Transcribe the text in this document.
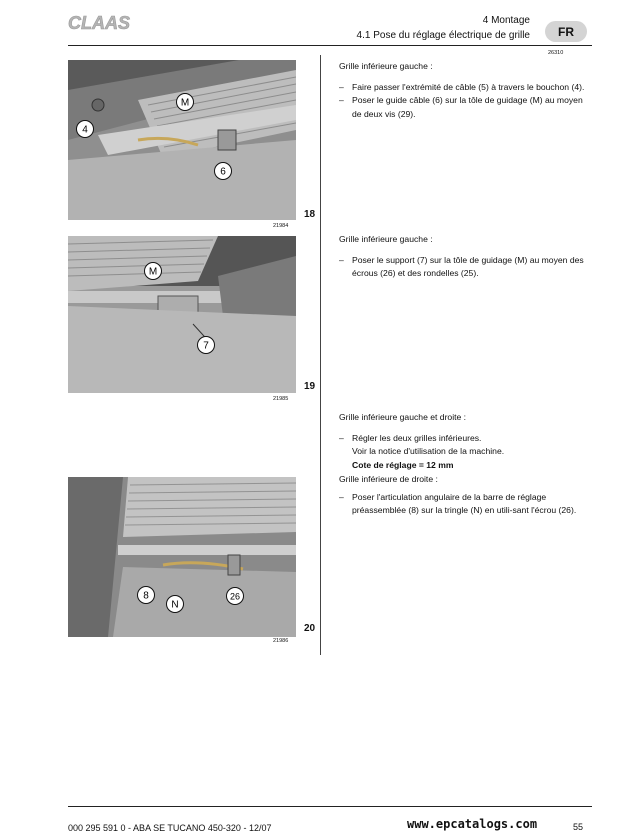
CLAAS	4 Montage
4.1 Pose du réglage électrique de grille	FR
26310
M
4
6
18
21984
M
7
19
21985
8
N
26
20
21986
Grille inférieure gauche :
– Faire passer l'extrémité de câble (5) à travers le bouchon (4).
– Poser le guide câble (6) sur la tôle de guidage (M) au moyen de deux vis (29).
Grille inférieure gauche :
– Poser le support (7) sur la tôle de guidage (M) au moyen des écrous (26) et des rondelles (25).
Grille inférieure gauche et droite :
– Régler les deux grilles inférieures.
Voir la notice d'utilisation de la machine.
Cote de réglage = 12 mm
Grille inférieure de droite :
– Poser l'articulation angulaire de la barre de réglage préassemblée (8) sur la tringle (N) en utili-sant l'écrou (26).
000 295 591 0 - ABA SE TUCANO 450-320 - 12/07	www.epcatalogs.com	55
